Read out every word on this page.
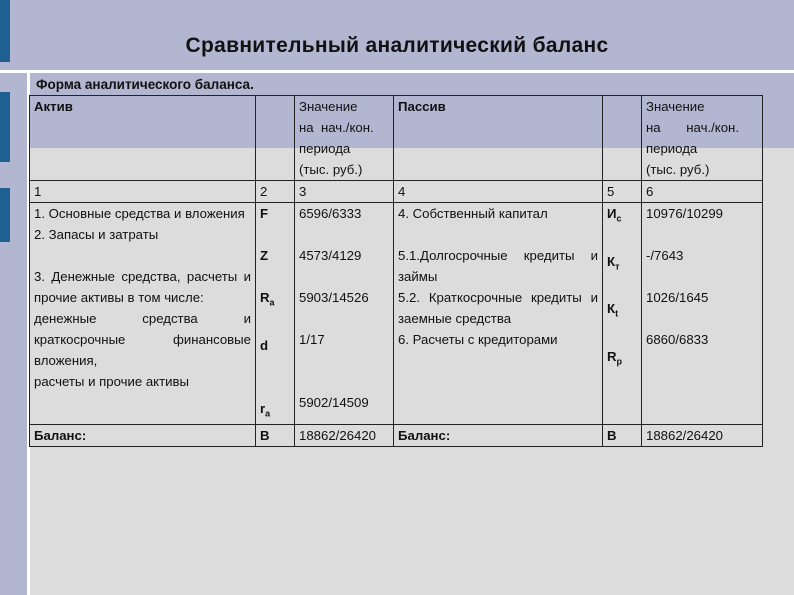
Сравнительный аналитический баланс
Форма аналитического баланса.
Актив		Значение
на  нач./кон.
периода
(тыс. руб.)	Пассив		Значение
на       нач./кон.
периода
(тыс. руб.)

1	2	3	4	5	6

1. Основные средства и вложения
2. Запасы и затраты
3. Денежные средства, расчеты и прочие активы в том числе:
денежные средства и краткосрочные финансовые вложения,
расчеты и прочие активы	F
Z
$R_a$
d
$r_a$	6596/6333
4573/4129
5903/14526
1/17
5902/14509	4. Собственный капитал
5.1.Долгосрочные кредиты и займы
5.2. Краткосрочные кредиты и заемные средства
6. Расчеты с кредиторами	$И_с$
$К_т$
$К_t$
$R_p$	10976/10299
-/7643
1026/1645
6860/6833

Баланс:	В	18862/26420	Баланс:	В	18862/26420
